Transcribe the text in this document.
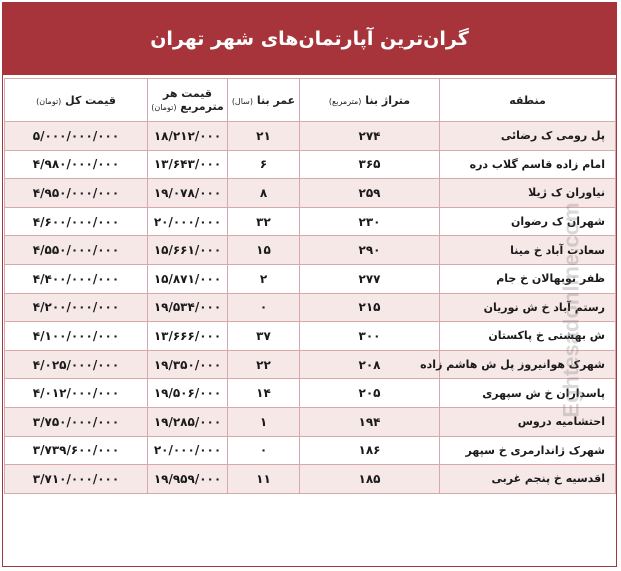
گران‌ترین آپارتمان‌های شهر تهران
منطقه	متراژ بنا (مترمربع)	عمر بنا (سال)	قیمت هر مترمربع (تومان)	قیمت کل (تومان)
پل رومی ک رضائی	۲۷۴	۲۱	۱۸/۲۱۲/۰۰۰	۵/۰۰۰/۰۰۰/۰۰۰
امام زاده قاسم گلاب دره	۳۶۵	۶	۱۳/۶۴۳/۰۰۰	۴/۹۸۰/۰۰۰/۰۰۰
نیاوران ک ژیلا	۲۵۹	۸	۱۹/۰۷۸/۰۰۰	۴/۹۵۰/۰۰۰/۰۰۰
شهران ک رضوان	۲۳۰	۳۲	۲۰/۰۰۰/۰۰۰	۴/۶۰۰/۰۰۰/۰۰۰
سعادت آباد خ مینا	۲۹۰	۱۵	۱۵/۶۶۱/۰۰۰	۴/۵۵۰/۰۰۰/۰۰۰
ظفر نوبهالان خ جام	۲۷۷	۲	۱۵/۸۷۱/۰۰۰	۴/۴۰۰/۰۰۰/۰۰۰
رستم آباد خ ش نوریان	۲۱۵	۰	۱۹/۵۳۴/۰۰۰	۴/۲۰۰/۰۰۰/۰۰۰
ش بهشتی خ پاکستان	۳۰۰	۳۷	۱۳/۶۶۶/۰۰۰	۴/۱۰۰/۰۰۰/۰۰۰
شهرک هوانیروز پل ش هاشم زاده	۲۰۸	۲۲	۱۹/۳۵۰/۰۰۰	۴/۰۲۵/۰۰۰/۰۰۰
پاسداران خ ش سپهری	۲۰۵	۱۴	۱۹/۵۰۶/۰۰۰	۴/۰۱۲/۰۰۰/۰۰۰
احتشامیه دروس	۱۹۴	۱	۱۹/۲۸۵/۰۰۰	۳/۷۵۰/۰۰۰/۰۰۰
شهرک ژاندارمری خ سپهر	۱۸۶	۰	۲۰/۰۰۰/۰۰۰	۳/۷۳۹/۶۰۰/۰۰۰
اقدسیه خ پنجم غربی	۱۸۵	۱۱	۱۹/۹۵۹/۰۰۰	۳/۷۱۰/۰۰۰/۰۰۰
Eghtesadonline.com
